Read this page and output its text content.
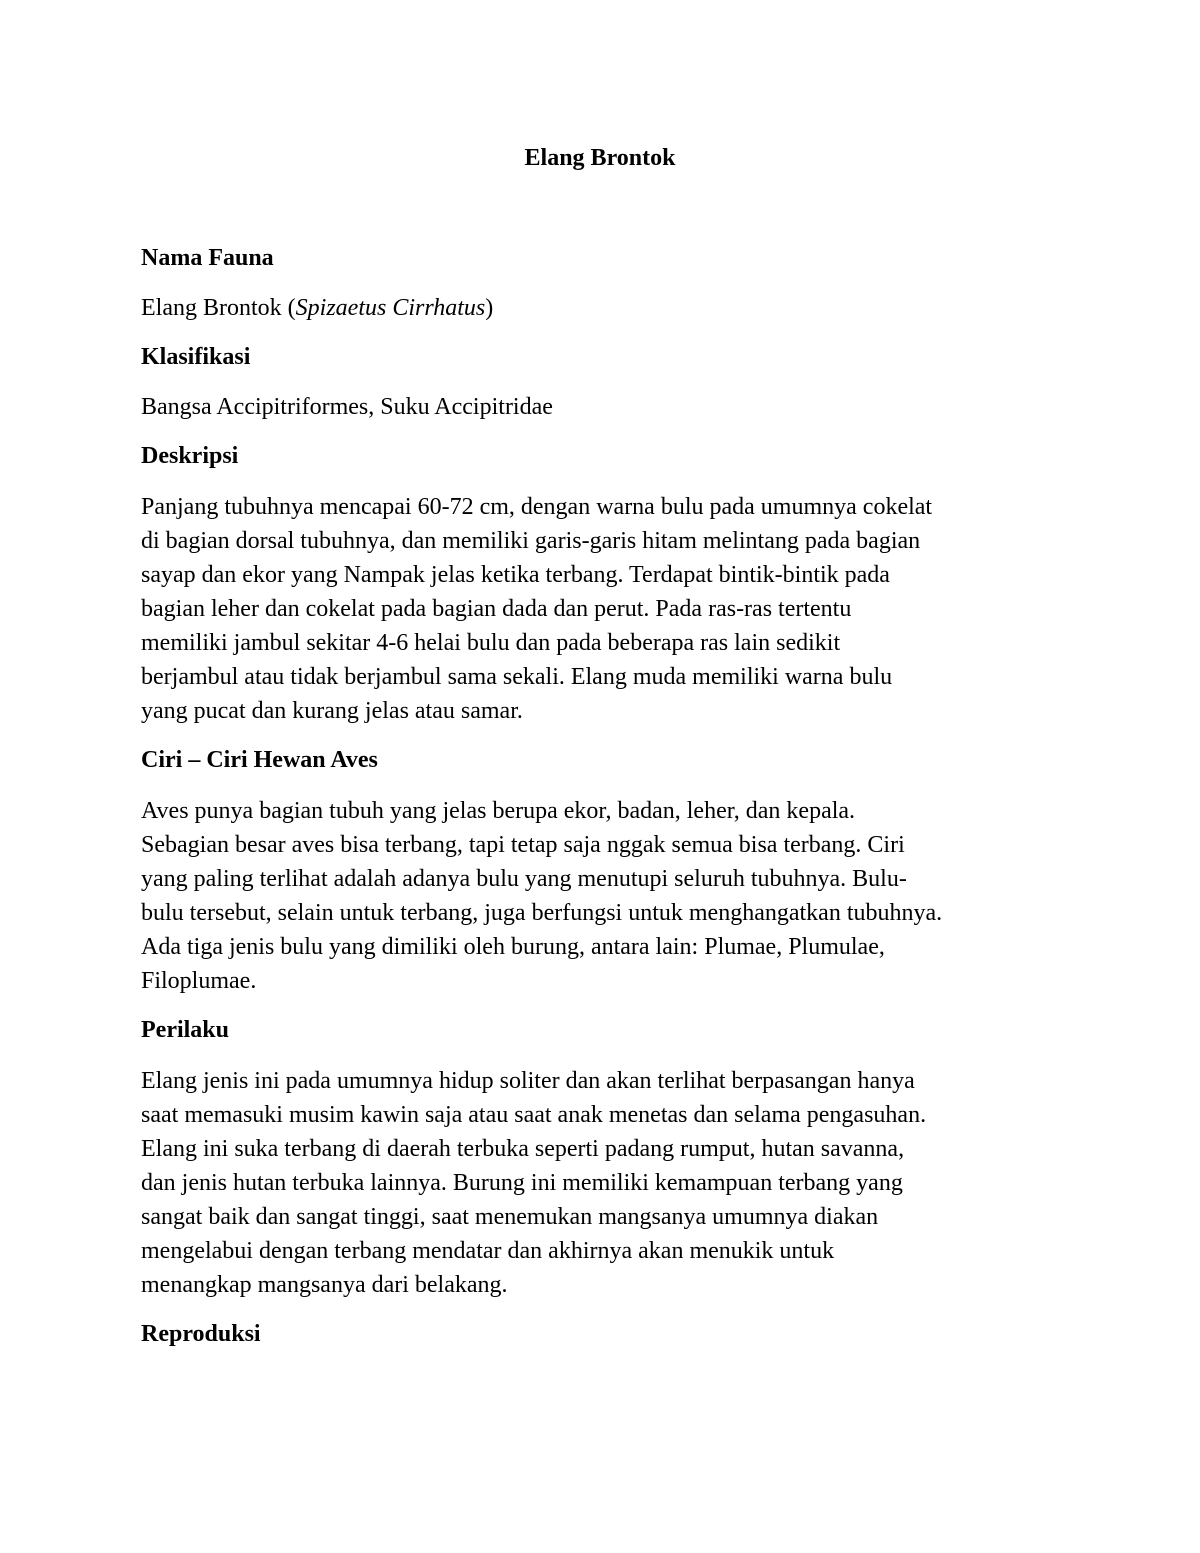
Elang Brontok
Nama Fauna

Elang Brontok (Spizaetus Cirrhatus)

Klasifikasi

Bangsa Accipitriformes, Suku Accipitridae

Deskripsi

Panjang tubuhnya mencapai 60-72 cm, dengan warna bulu pada umumnya cokelat
di bagian dorsal tubuhnya, dan memiliki garis-garis hitam melintang pada bagian
sayap dan ekor yang Nampak jelas ketika terbang. Terdapat bintik-bintik pada
bagian leher dan cokelat pada bagian dada dan perut. Pada ras-ras tertentu
memiliki jambul sekitar 4-6 helai bulu dan pada beberapa ras lain sedikit
berjambul atau tidak berjambul sama sekali. Elang muda memiliki warna bulu
yang pucat dan kurang jelas atau samar.

Ciri – Ciri Hewan Aves

Aves punya bagian tubuh yang jelas berupa ekor, badan, leher, dan kepala.
Sebagian besar aves bisa terbang, tapi tetap saja nggak semua bisa terbang. Ciri
yang paling terlihat adalah adanya bulu yang menutupi seluruh tubuhnya. Bulu-
bulu tersebut, selain untuk terbang, juga berfungsi untuk menghangatkan tubuhnya.
Ada tiga jenis bulu yang dimiliki oleh burung, antara lain: Plumae, Plumulae,
Filoplumae.

Perilaku

Elang jenis ini pada umumnya hidup soliter dan akan terlihat berpasangan hanya
saat memasuki musim kawin saja atau saat anak menetas dan selama pengasuhan.
Elang ini suka terbang di daerah terbuka seperti padang rumput, hutan savanna,
dan jenis hutan terbuka lainnya. Burung ini memiliki kemampuan terbang yang
sangat baik dan sangat tinggi, saat menemukan mangsanya umumnya diakan
mengelabui dengan terbang mendatar dan akhirnya akan menukik untuk
menangkap mangsanya dari belakang.

Reproduksi
